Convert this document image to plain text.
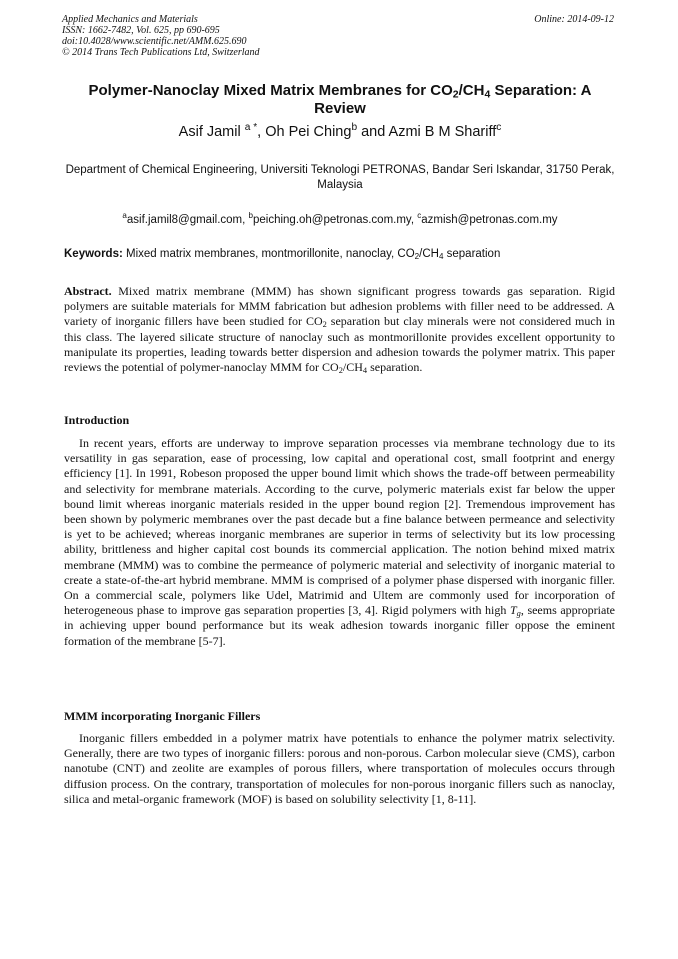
Applied Mechanics and Materials
ISSN: 1662-7482, Vol. 625, pp 690-695
doi:10.4028/www.scientific.net/AMM.625.690
© 2014 Trans Tech Publications Ltd, Switzerland
Online: 2014-09-12
Polymer-Nanoclay Mixed Matrix Membranes for $CO_2/CH_4$ Separation: A Review
Asif Jamil $^{a *}$, Oh Pei Ching$^b$ and Azmi B M Shariff$^c$
Department of Chemical Engineering, Universiti Teknologi PETRONAS, Bandar Seri Iskandar, 31750 Perak, Malaysia
$^a$asif.jamil8@gmail.com, $^b$peiching.oh@petronas.com.my, $^c$azmish@petronas.com.my
Keywords: Mixed matrix membranes, montmorillonite, nanoclay, $CO_2/CH_4$ separation
Abstract. Mixed matrix membrane (MMM) has shown significant progress towards gas separation. Rigid polymers are suitable materials for MMM fabrication but adhesion problems with filler need to be addressed. A variety of inorganic fillers have been studied for $CO_2$ separation but clay minerals were not considered much in this class. The layered silicate structure of nanoclay such as montmorillonite provides excellent opportunity to manipulate its properties, leading towards better dispersion and adhesion towards the polymer matrix. This paper reviews the potential of polymer-nanoclay MMM for $CO_2/CH_4$ separation.
Introduction
In recent years, efforts are underway to improve separation processes via membrane technology due to its versatility in gas separation, ease of processing, low capital and operational cost, small footprint and energy efficiency [1]. In 1991, Robeson proposed the upper bound limit which shows the trade-off between permeability and selectivity for membrane materials. According to the curve, polymeric materials exist far below the upper bound limit whereas inorganic materials resided in the upper bound region [2]. Tremendous improvement has been shown by polymeric membranes over the past decade but a fine balance between permeance and selectivity is yet to be achieved; whereas inorganic membranes are superior in terms of selectivity but its low processing ability, brittleness and higher capital cost bounds its commercial application. The notion behind mixed matrix membrane (MMM) was to combine the permeance of polymeric material and selectivity of inorganic material to create a state-of-the-art hybrid membrane. MMM is comprised of a polymer phase dispersed with inorganic filler. On a commercial scale, polymers like Udel, Matrimid and Ultem are commonly used for incorporation of heterogeneous phase to improve gas separation properties [3, 4]. Rigid polymers with high $T_g$, seems appropriate in achieving upper bound performance but its weak adhesion towards inorganic filler oppose the eminent formation of the membrane [5-7].
MMM incorporating Inorganic Fillers
Inorganic fillers embedded in a polymer matrix have potentials to enhance the polymer matrix selectivity. Generally, there are two types of inorganic fillers: porous and non-porous. Carbon molecular sieve (CMS), carbon nanotube (CNT) and zeolite are examples of porous fillers, where transportation of molecules occurs through diffusion process. On the contrary, transportation of molecules for non-porous inorganic fillers such as nanoclay, silica and metal-organic framework (MOF) is based on solubility selectivity [1, 8-11].
